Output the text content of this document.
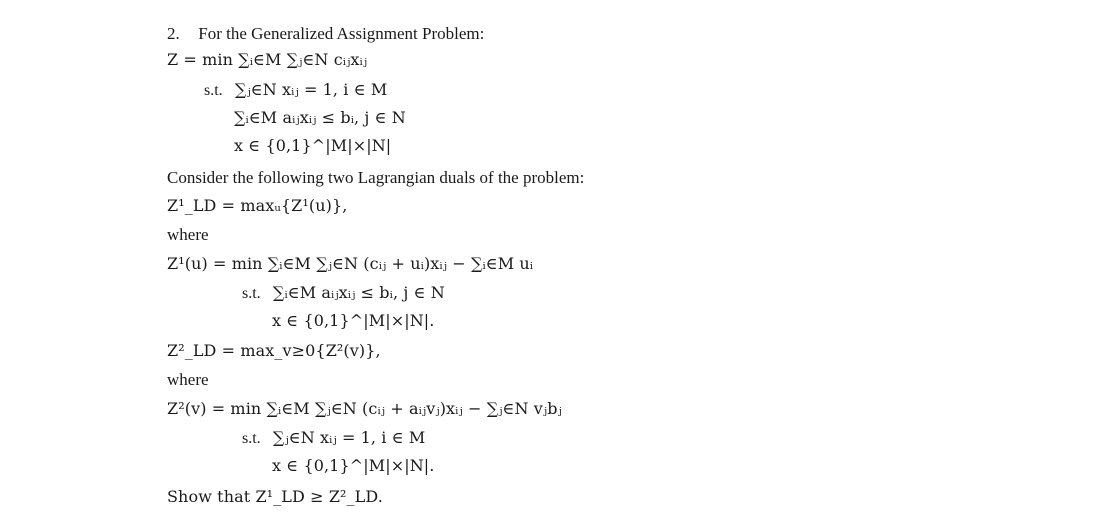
2. For the Generalized Assignment Problem:
Z = min ∑ᵢ∈M ∑ⱼ∈N cᵢⱼxᵢⱼ
s.t. ∑ⱼ∈N xᵢⱼ = 1, i ∈ M
∑ᵢ∈M aᵢⱼxᵢⱼ ≤ bᵢ, j ∈ N
x ∈ {0,1}^|M|×|N|
Consider the following two Lagrangian duals of the problem:
Z¹_LD = maxᵤ{Z¹(u)},
where
Z¹(u) = min ∑ᵢ∈M ∑ⱼ∈N (cᵢⱼ + uᵢ)xᵢⱼ − ∑ᵢ∈M uᵢ
s.t. ∑ᵢ∈M aᵢⱼxᵢⱼ ≤ bᵢ, j ∈ N
x ∈ {0,1}^|M|×|N|.
Z²_LD = max_v≥0{Z²(v)},
where
Z²(v) = min ∑ᵢ∈M ∑ⱼ∈N (cᵢⱼ + aᵢⱼvⱼ)xᵢⱼ − ∑ⱼ∈N vⱼbⱼ
s.t. ∑ⱼ∈N xᵢⱼ = 1, i ∈ M
x ∈ {0,1}^|M|×|N|.
Show that Z¹_LD ≥ Z²_LD.
